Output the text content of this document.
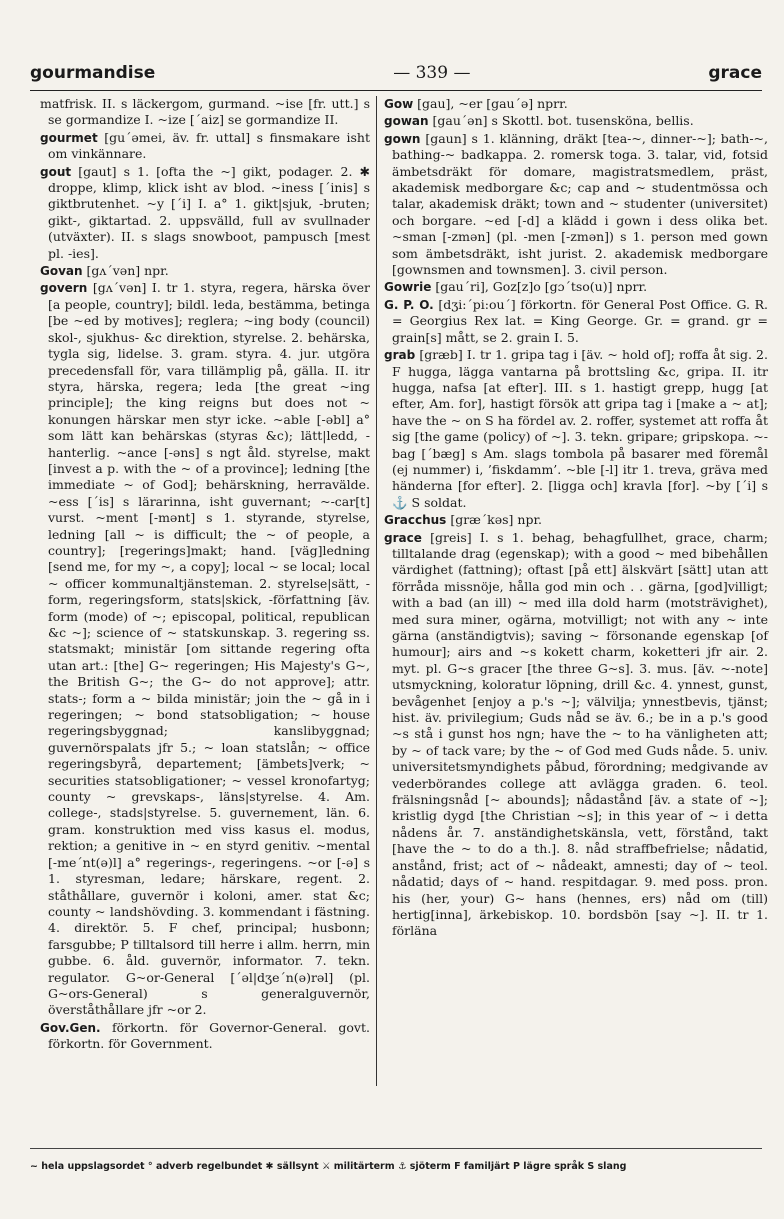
gourmandise	— 339 —	grace
matfrisk. II. s läckergom, gurmand. ~ise [fr. utt.] s se gormandize I. ~ize [´aiz] se gormandize II.
gourmet [gu´əmei, äv. fr. uttal] s finsmakare isht om vinkännare.
gout [gaut] s 1. [ofta the ~] gikt, podager. 2. ✱ droppe, klimp, klick isht av blod. ~iness [´inis] s giktbrutenhet. ~y [´i] I. a° 1. gikt|sjuk, -bruten; gikt-, giktartad. 2. uppsvälld, full av svullnader (utväxter). II. s slags snowboot, pampusch [mest pl. -ies].
Govan [gʌ´vən] npr.
govern [gʌ´vən] I. tr 1. styra, regera, härska över [a people, country]; bildl. leda, bestämma, betinga [be ~ed by motives]; reglera; ~ing body (council) skol-, sjukhus- &c direktion, styrelse. 2. behärska, tygla sig, lidelse. 3. gram. styra. 4. jur. utgöra precedensfall för, vara tillämplig på, gälla. II. itr styra, härska, regera; leda [the great ~ing principle]; the king reigns but does not ~ konungen härskar men styr icke. ~able [-əbl] a° som lätt kan behärskas (styras &c); lätt|ledd, -hanterlig. ~ance [-əns] s ngt åld. styrelse, makt [invest a p. with the ~ of a province]; ledning [the immediate ~ of God]; behärskning, herravälde. ~ess [´is] s lärarinna, isht guvernant; ~-car[t] vurst. ~ment [-mənt] s 1. styrande, styrelse, ledning [all ~ is difficult; the ~ of people, a country]; [regerings]makt; hand. [väg]ledning [send me, for my ~, a copy]; local ~ se local; local ~ officer kommunaltjänsteman. 2. styrelse|sätt, -form, regeringsform, stats|skick, -författning [äv. form (mode) of ~; episcopal, political, republican &c ~]; science of ~ statskunskap. 3. regering ss. statsmakt; ministär [om sittande regering ofta utan art.: [the] G~ regeringen; His Majesty's G~, the British G~; the G~ do not approve]; attr. stats-; form a ~ bilda ministär; join the ~ gå in i regeringen; ~ bond statsobligation; ~ house regeringsbyggnad; kanslibyggnad; guvernörspalats jfr 5.; ~ loan statslån; ~ office regeringsbyrå, departement; [ämbets]verk; ~ securities statsobligationer; ~ vessel kronofartyg; county ~ grevskaps-, läns|styrelse. 4. Am. college-, stads|styrelse. 5. guvernement, län. 6. gram. konstruktion med viss kasus el. modus, rektion; a genitive in ~ en styrd genitiv. ~mental [-me´nt(ə)l] a° regerings-, regeringens. ~or [-ə] s 1. styresman, ledare; härskare, regent. 2. ståthållare, guvernör i koloni, amer. stat &c; county ~ landshövding. 3. kommendant i fästning. 4. direktör. 5. F chef, principal; husbonn; farsgubbe; P tilltalsord till herre i allm. herrn, min gubbe. 6. åld. guvernör, informator. 7. tekn. regulator. G~or-General [´əl|dʒe´n(ə)rəl] (pl. G~ors-General) s generalguvernör, överståthållare jfr ~or 2.
Gov.Gen. förkortn. för Governor-General. govt. förkortn. för Government.
Gow [gau], ~er [gau´ə] nprr.
gowan [gau´ən] s Skottl. bot. tusensköna, bellis.
gown [gaun] s 1. klänning, dräkt [tea-~, dinner-~]; bath-~, bathing-~ badkappa. 2. romersk toga. 3. talar, vid, fotsid ämbetsdräkt för domare, magistratsmedlem, präst, akademisk medborgare &c; cap and ~ studentmössa och talar, akademisk dräkt; town and ~ studenter (universitet) och borgare. ~ed [-d] a klädd i gown i dess olika bet. ~sman [-zmən] (pl. -men [-zmən]) s 1. person med gown som ämbetsdräkt, isht jurist. 2. akademisk medborgare [gownsmen and townsmen]. 3. civil person.
Gowrie [gau´ri], Goz[z]o [gɔ´tso(u)] nprr.
G. P. O. [dʒi:´pi:ou´] förkortn. för General Post Office. G. R. = Georgius Rex lat. = King George. Gr. = grand. gr = grain[s] mått, se 2. grain I. 5.
grab [græb] I. tr 1. gripa tag i [äv. ~ hold of]; roffa åt sig. 2. F hugga, lägga vantarna på brottsling &c, gripa. II. itr hugga, nafsa [at efter]. III. s 1. hastigt grepp, hugg [at efter, Am. for], hastigt försök att gripa tag i [make a ~ at]; have the ~ on S ha fördel av. 2. roffer, systemet att roffa åt sig [the game (policy) of ~]. 3. tekn. gripare; gripskopa. ~-bag [´bæg] s Am. slags tombola på basarer med föremål (ej nummer) i, ’fiskdamm’. ~ble [-l] itr 1. treva, gräva med händerna [for efter]. 2. [ligga och] kravla [for]. ~by [´i] s ⚓ S soldat.
Gracchus [græ´kəs] npr.
grace [greis] I. s 1. behag, behagfullhet, grace, charm; tilltalande drag (egenskap); with a good ~ med bibehållen värdighet (fattning); oftast [på ett] älskvärt [sätt] utan att förråda missnöje, hålla god min och . . gärna, [god]villigt; with a bad (an ill) ~ med illa dold harm (motsträvighet), med sura miner, ogärna, motvilligt; not with any ~ inte gärna (anständigtvis); saving ~ försonande egenskap [of humour]; airs and ~s kokett charm, koketteri jfr air. 2. myt. pl. G~s gracer [the three G~s]. 3. mus. [äv. ~-note] utsmyckning, koloratur löpning, drill &c. 4. ynnest, gunst, bevågenhet [enjoy a p.'s ~]; välvilja; ynnestbevis, tjänst; hist. äv. privilegium; Guds nåd se äv. 6.; be in a p.'s good ~s stå i gunst hos ngn; have the ~ to ha vänligheten att; by ~ of tack vare; by the ~ of God med Guds nåde. 5. univ. universitetsmyndighets påbud, förordning; medgivande av vederbörandes college att avlägga graden. 6. teol. frälsningsnåd [~ abounds]; nådastånd [äv. a state of ~]; kristlig dygd [the Christian ~s]; in this year of ~ i detta nådens år. 7. anständighetskänsla, vett, förstånd, takt [have the ~ to do a th.]. 8. nåd straffbefrielse; nådatid, anstånd, frist; act of ~ nådeakt, amnesti; day of ~ teol. nådatid; days of ~ hand. respitdagar. 9. med poss. pron. his (her, your) G~ hans (hennes, ers) nåd om (till) hertig[inna], ärkebiskop. 10. bordsbön [say ~]. II. tr 1. förläna
~ hela uppslagsordet ° adverb regelbundet ✱ sällsynt ⚔ militärterm ⚓ sjöterm F familjärt P lägre språk S slang
